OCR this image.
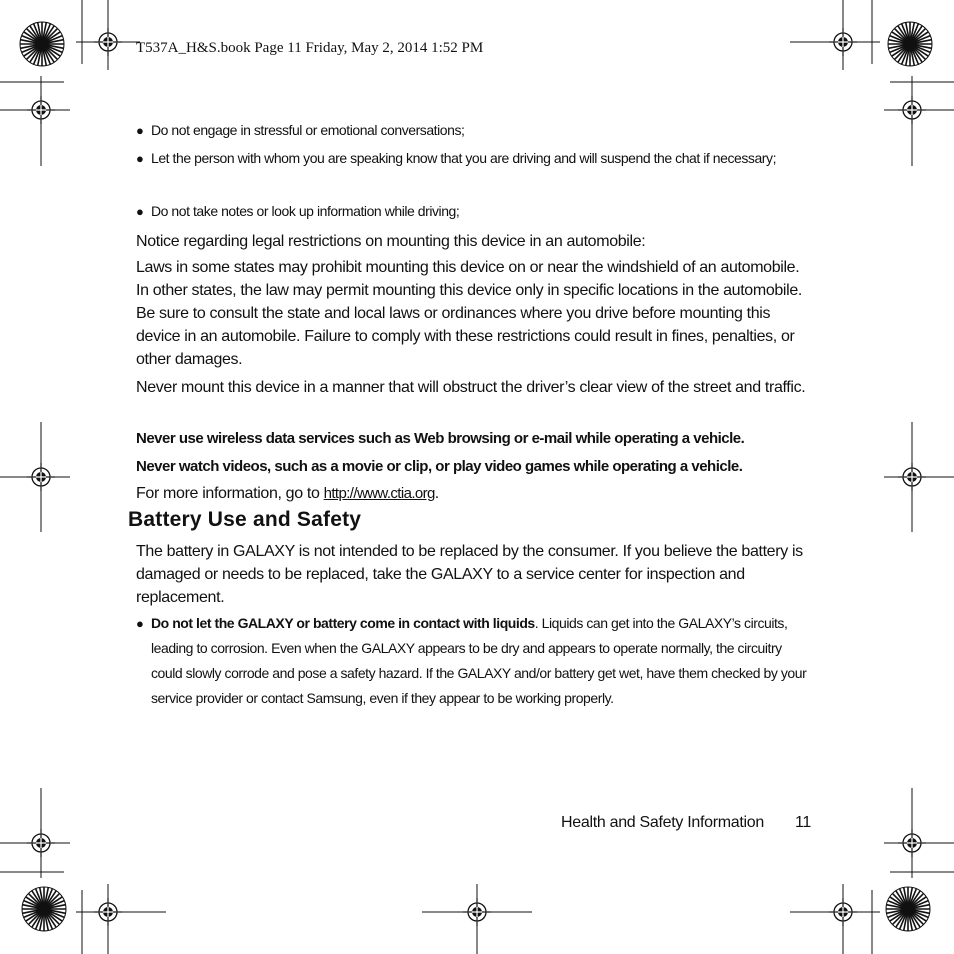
T537A_H&S.book Page 11 Friday, May 2, 2014 1:52 PM
● Do not engage in stressful or emotional conversations;
● Let the person with whom you are speaking know that you are driving and will suspend the chat if necessary;
● Do not take notes or look up information while driving;
Notice regarding legal restrictions on mounting this device in an automobile:
Laws in some states may prohibit mounting this device on or near the windshield of an automobile. In other states, the law may permit mounting this device only in specific locations in the automobile. Be sure to consult the state and local laws or ordinances where you drive before mounting this device in an automobile. Failure to comply with these restrictions could result in fines, penalties, or other damages.
Never mount this device in a manner that will obstruct the driver’s clear view of the street and traffic.
Never use wireless data services such as Web browsing or e-mail while operating a vehicle.
Never watch videos, such as a movie or clip, or play video games while operating a vehicle.
For more information, go to http://www.ctia.org.
Battery Use and Safety
The battery in GALAXY is not intended to be replaced by the consumer. If you believe the battery is damaged or needs to be replaced, take the GALAXY to a service center for inspection and replacement.
● Do not let the GALAXY or battery come in contact with liquids. Liquids can get into the GALAXY’s circuits, leading to corrosion. Even when the GALAXY appears to be dry and appears to operate normally, the circuitry could slowly corrode and pose a safety hazard. If the GALAXY and/or battery get wet, have them checked by your service provider or contact Samsung, even if they appear to be working properly.
Health and Safety Information 11
